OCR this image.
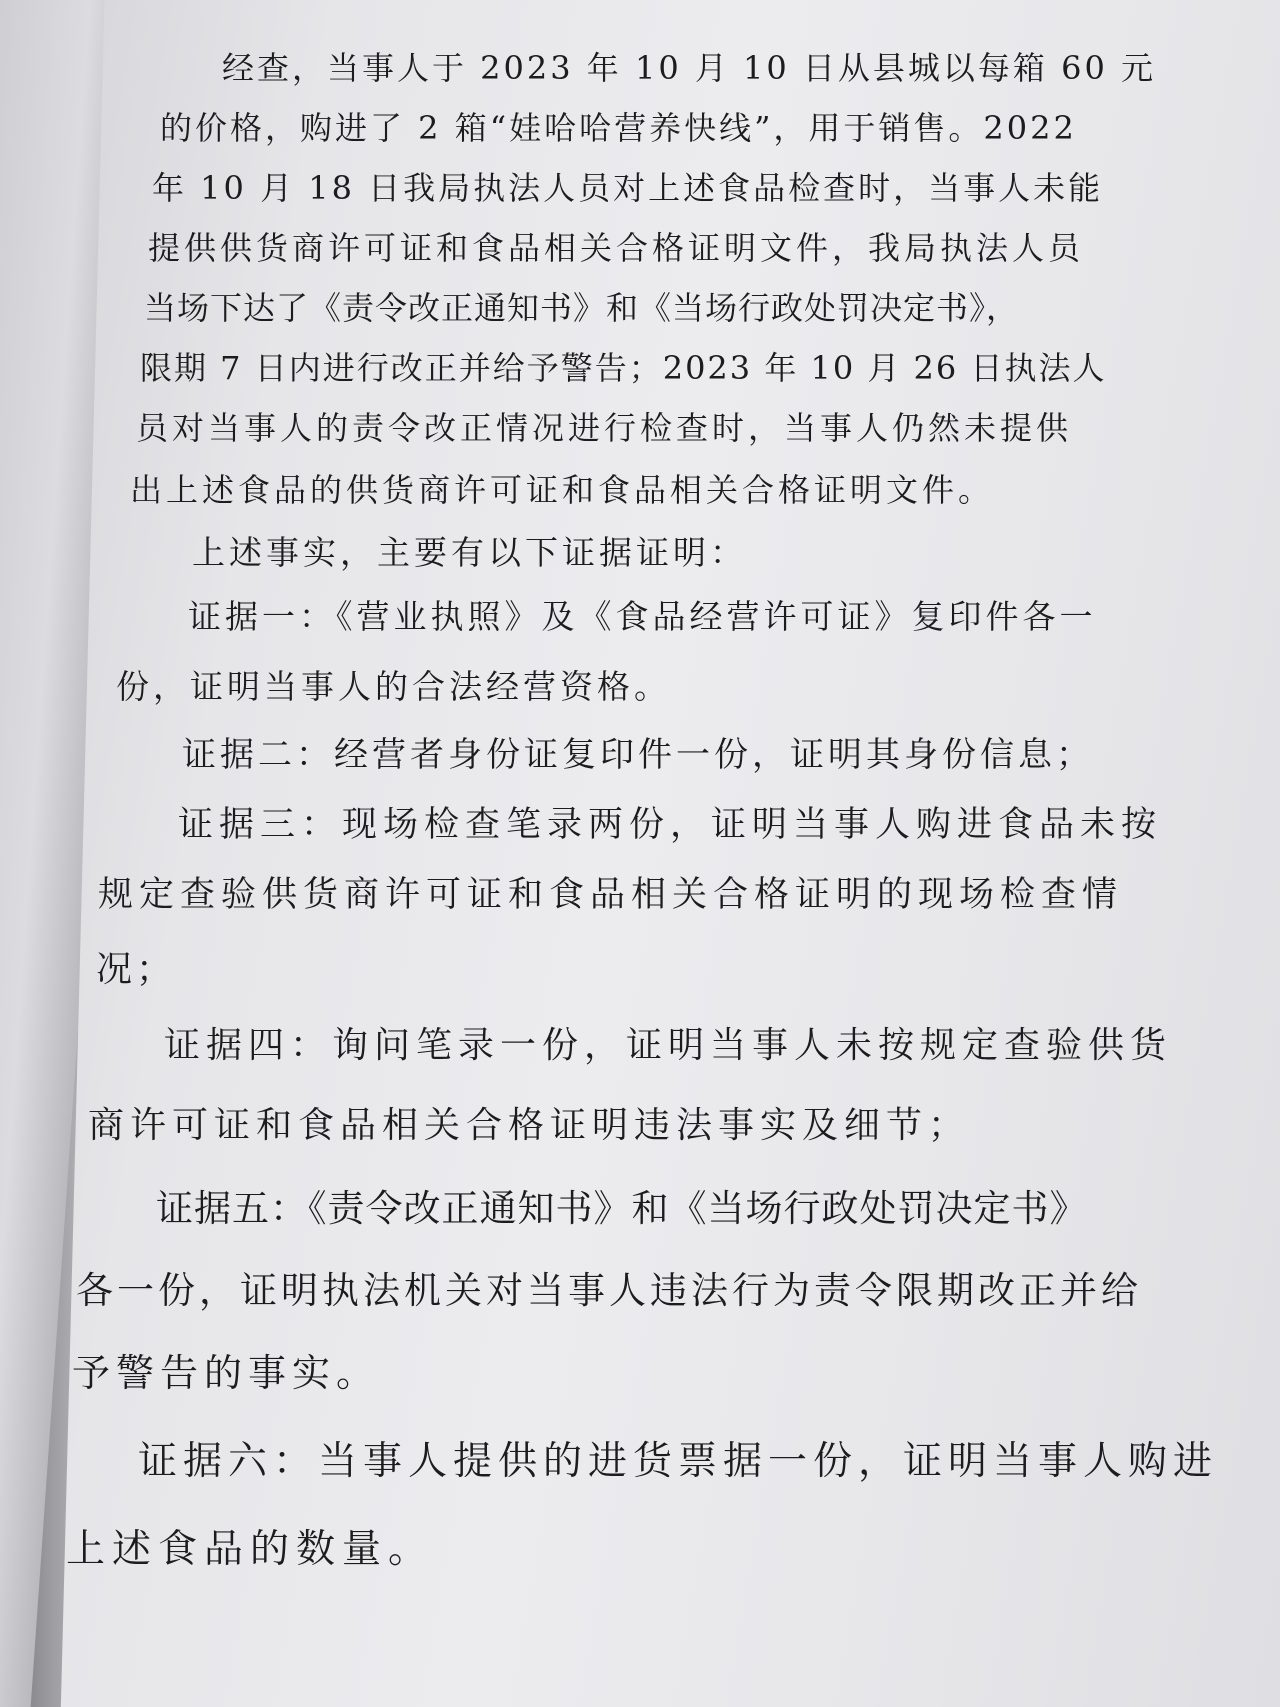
经查，当事人于 2023 年 10 月 10 日从县城以每箱 60 元

的价格，购进了 2 箱“娃哈哈营养快线”，用于销售。2022

年 10 月 18 日我局执法人员对上述食品检查时，当事人未能

提供供货商许可证和食品相关合格证明文件，我局执法人员

当场下达了《责令改正通知书》和《当场行政处罚决定书》，

限期 7 日内进行改正并给予警告；2023 年 10 月 26 日执法人

员对当事人的责令改正情况进行检查时，当事人仍然未提供

出上述食品的供货商许可证和食品相关合格证明文件。

上述事实，主要有以下证据证明：

证据一：《营业执照》及《食品经营许可证》复印件各一

份，证明当事人的合法经营资格。

证据二：经营者身份证复印件一份，证明其身份信息；

证据三：现场检查笔录两份，证明当事人购进食品未按

规定查验供货商许可证和食品相关合格证明的现场检查情

况；

证据四：询问笔录一份，证明当事人未按规定查验供货

商许可证和食品相关合格证明违法事实及细节；

证据五：《责令改正通知书》和《当场行政处罚决定书》

各一份，证明执法机关对当事人违法行为责令限期改正并给

予警告的事实。

证据六：当事人提供的进货票据一份，证明当事人购进

上述食品的数量。
